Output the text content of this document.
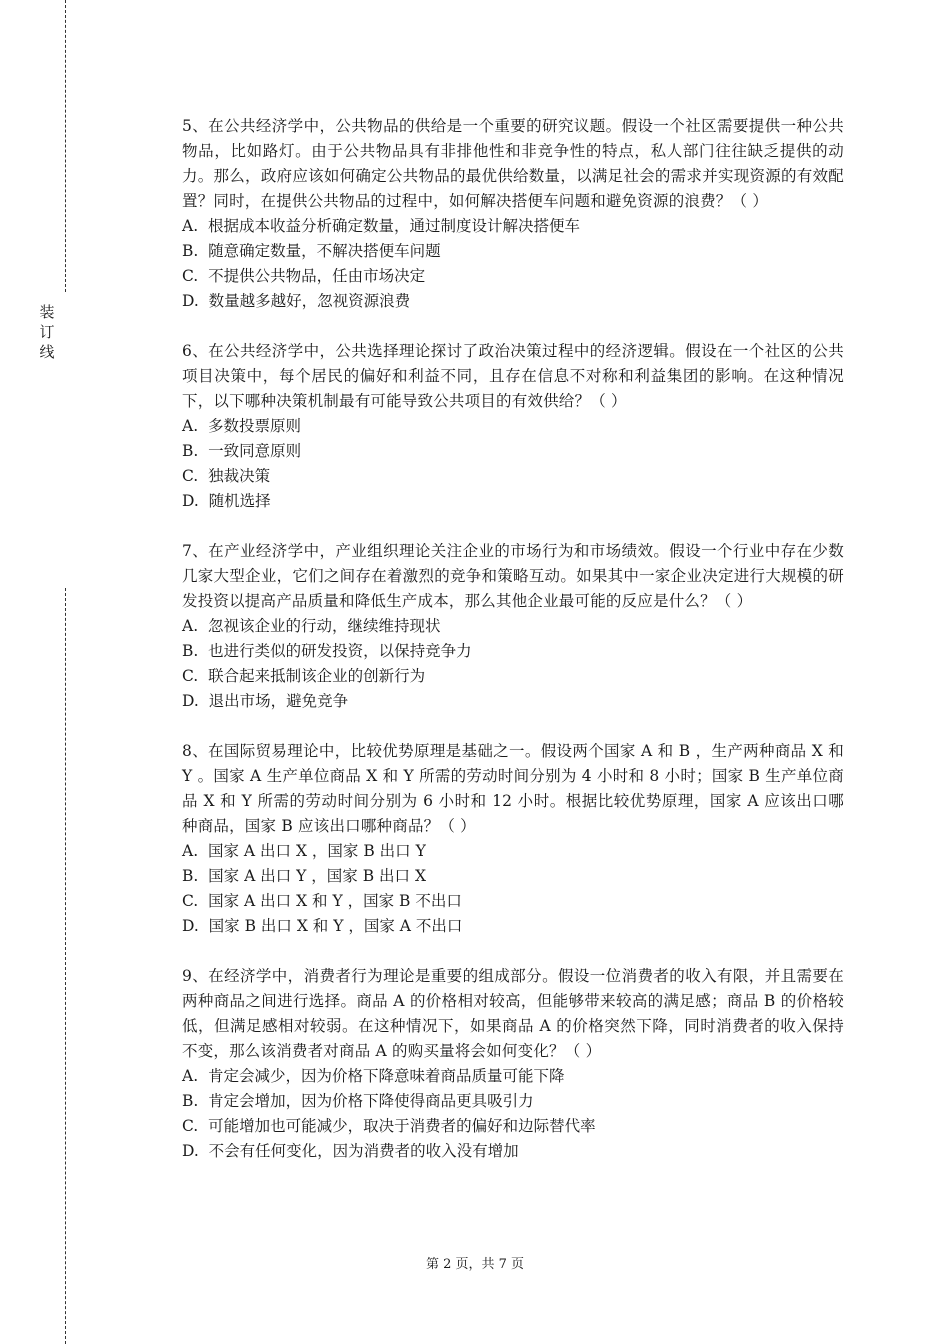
装
订
线

5、在公共经济学中，公共物品的供给是一个重要的研究议题。假设一个社区需要提供一种公共物品，比如路灯。由于公共物品具有非排他性和非竞争性的特点，私人部门往往缺乏提供的动力。那么，政府应该如何确定公共物品的最优供给数量，以满足社会的需求并实现资源的有效配置？同时，在提供公共物品的过程中，如何解决搭便车问题和避免资源的浪费？（ ）

A.  根据成本收益分析确定数量，通过制度设计解决搭便车

B.  随意确定数量，不解决搭便车问题

C.  不提供公共物品，任由市场决定

D.  数量越多越好，忽视资源浪费

6、在公共经济学中，公共选择理论探讨了政治决策过程中的经济逻辑。假设在一个社区的公共项目决策中，每个居民的偏好和利益不同，且存在信息不对称和利益集团的影响。在这种情况下，以下哪种决策机制最有可能导致公共项目的有效供给？（ ）

A.  多数投票原则

B.  一致同意原则

C.  独裁决策

D.  随机选择

7、在产业经济学中，产业组织理论关注企业的市场行为和市场绩效。假设一个行业中存在少数几家大型企业，它们之间存在着激烈的竞争和策略互动。如果其中一家企业决定进行大规模的研发投资以提高产品质量和降低生产成本，那么其他企业最可能的反应是什么？（ ）

A.  忽视该企业的行动，继续维持现状

B.  也进行类似的研发投资，以保持竞争力

C.  联合起来抵制该企业的创新行为

D.  退出市场，避免竞争

8、在国际贸易理论中，比较优势原理是基础之一。假设两个国家 A 和 B ，生产两种商品 X 和 Y 。国家 A 生产单位商品 X 和 Y 所需的劳动时间分别为 4 小时和 8 小时；国家 B 生产单位商品 X 和 Y 所需的劳动时间分别为 6 小时和 12 小时。根据比较优势原理，国家 A 应该出口哪种商品，国家 B 应该出口哪种商品？（ ）

A.  国家 A 出口 X ，国家 B 出口 Y

B.  国家 A 出口 Y ，国家 B 出口 X

C.  国家 A 出口 X 和 Y ，国家 B 不出口

D.  国家 B 出口 X 和 Y ，国家 A 不出口

9、在经济学中，消费者行为理论是重要的组成部分。假设一位消费者的收入有限，并且需要在两种商品之间进行选择。商品 A 的价格相对较高，但能够带来较高的满足感；商品 B 的价格较低，但满足感相对较弱。在这种情况下，如果商品 A 的价格突然下降，同时消费者的收入保持不变，那么该消费者对商品 A 的购买量将会如何变化？（ ）

A.  肯定会减少，因为价格下降意味着商品质量可能下降

B.  肯定会增加，因为价格下降使得商品更具吸引力

C.  可能增加也可能减少，取决于消费者的偏好和边际替代率

D.  不会有任何变化，因为消费者的收入没有增加

第 2 页，共 7 页
